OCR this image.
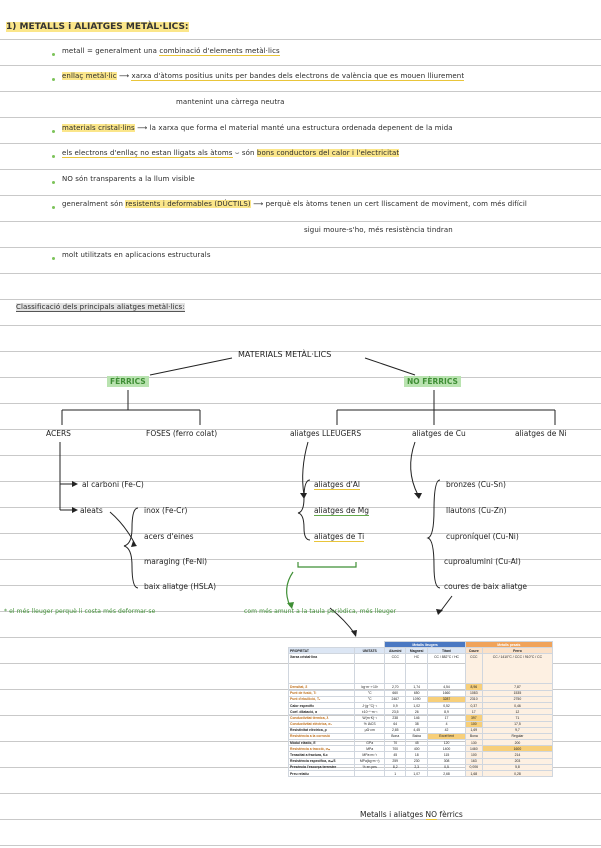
1) METALLS i ALIATGES METÀL·LICS:
metall = generalment una combinació d'elements metàl·lics
enllaç metàl·lic ⟶ xarxa d'àtoms positius units per bandes dels electrons de valència que es mouen lliurement
mantenint una càrrega neutra
materials cristal·lins ⟶ la xarxa que forma el material manté una estructura ordenada depenent de la mida
els electrons d'enllaç no estan lligats als àtoms ⌣ són bons conductors del calor i l'electricitat
NO són transparents a la llum visible
generalment són resistents i deformables (DÚCTILS) ⟶ perquè els àtoms tenen un cert lliscament de moviment, com més difícil
sigui moure-s'ho, més resistència tindran
molt utilitzats en aplicacions estructurals
Classificació dels principals aliatges metàl·lics:
MATERIALS METÀL·LICS
FÈRRICS	NO FÈRRICS
ACERS	FOSES (ferro colat)	aliatges LLEUGERS	aliatges de Cu	aliatges de Ni
al carboni (Fe-C)
aleats	inox (Fe-Cr)
acers d'eines
maraging (Fe-Ni)
baix aliatge (HSLA)
aliatges d'Al
aliatges de Mg
aliatges de Ti
bronzes (Cu-Sn)
llautons (Cu-Zn)
cuproníquel (Cu-Ni)
cuproalumini (Cu-Al)
coures de baix aliatge
* el més lleuger perquè li costa més deformar-se	com més amunt a la taula periòdica, més lleuger
		Metalls lleugers			Metalls pesats	
PROPIETAT	UNITATS	Alumini	Magnesi	Titani	Coure	Ferro
Xarxa cristal·lina		CCC	HC	CC / 882°C / HC	CCC	CC / 1410°C / CCC / 910°C / CC
Densitat, δ	kg·m⁻³·10³	2,70	1,74	4,54	8,96	7,87
Punt de fusió, Tₜ	°C	660	650	1660	1083	1535
Punt d'ebullició, Tₑ	°C	2467	1090	3287	2310	2750
Calor específic	J·(g·°C)⁻¹	0,9	1,02	0,52	0,37	0,46
Coef. dilatació, α	±10⁻⁶·m⁻¹	23,5	26	8,9	17	12
Conductivitat tèrmica, λ	W(m·K)⁻¹	238	146	17	397	71
Conductivitat elèctrica, σₑ	% IACS	64	38	4	100	17,5
Resistivitat elèctrica, ρ	μΩ·cm	2,65	4,45	42	1,69	9,7
Resistència a la corrosió		Bona	Baixa	Excel·lent	Bona	Regular
Mòdul elàstic, E	GPa	70	45	120	130	200
Resistència a tracció, σₘ	MPa	700	400	1400	1460	1600
Tenacitat a fractura, Kᵢc	MPa·m¹ᐟ²	45	18	115	100	214
Resistència específica, σₘ/δ	MPa(kg·m⁻³)	259	230	308	163	203
Presència l'escorça terrestre	% en pes	8,2	2,3	0,5	0,006	5,8
Preu relatiu		1	1,07	2,68	1,68	0,28
Metalls i aliatges NO fèrrics
